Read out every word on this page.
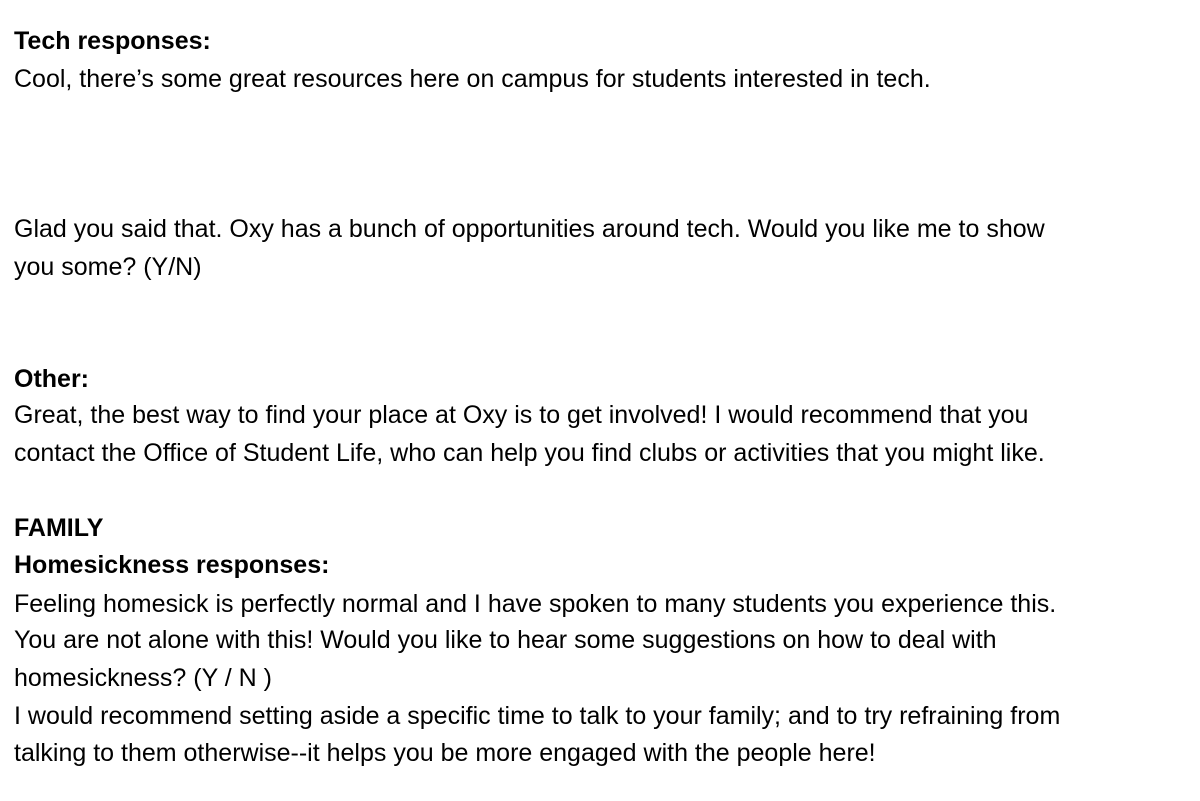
Tech responses:

Cool, there’s some great resources here on campus for students interested in tech.

Glad you said that. Oxy has a bunch of opportunities around tech. Would you like me to show

you some? (Y/N)

Other:

Great, the best way to find your place at Oxy is to get involved! I would recommend that you

contact the Office of Student Life, who can help you find clubs or activities that you might like.

FAMILY

Homesickness responses:

Feeling homesick is perfectly normal and I have spoken to many students you experience this.

You are not alone with this! Would you like to hear some suggestions on how to deal with

homesickness? (Y / N )

I would recommend setting aside a specific time to talk to your family; and to try refraining from

talking to them otherwise--it helps you be more engaged with the people here!
